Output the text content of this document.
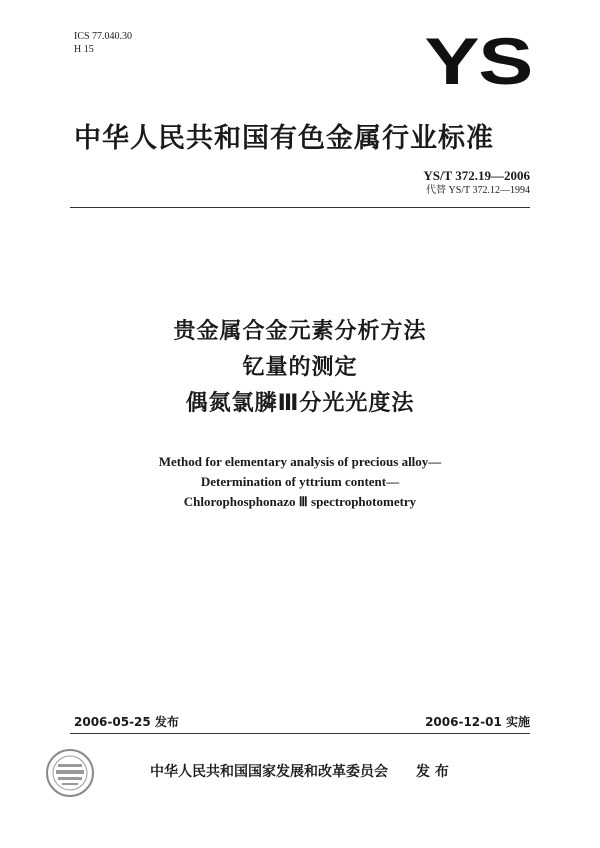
ICS 77.040.30
H 15	YS
中华人民共和国有色金属行业标准
YS/T 372.19—2006
代替 YS/T 372.12—1994
贵金属合金元素分析方法
钇量的测定
偶氮氯膦Ⅲ分光光度法
Method for elementary analysis of precious alloy—
Determination of yttrium content—
Chlorophosphonazo Ⅲ spectrophotometry
2006-05-25 发布	2006-12-01 实施
中华人民共和国国家发展和改革委员会 发 布
